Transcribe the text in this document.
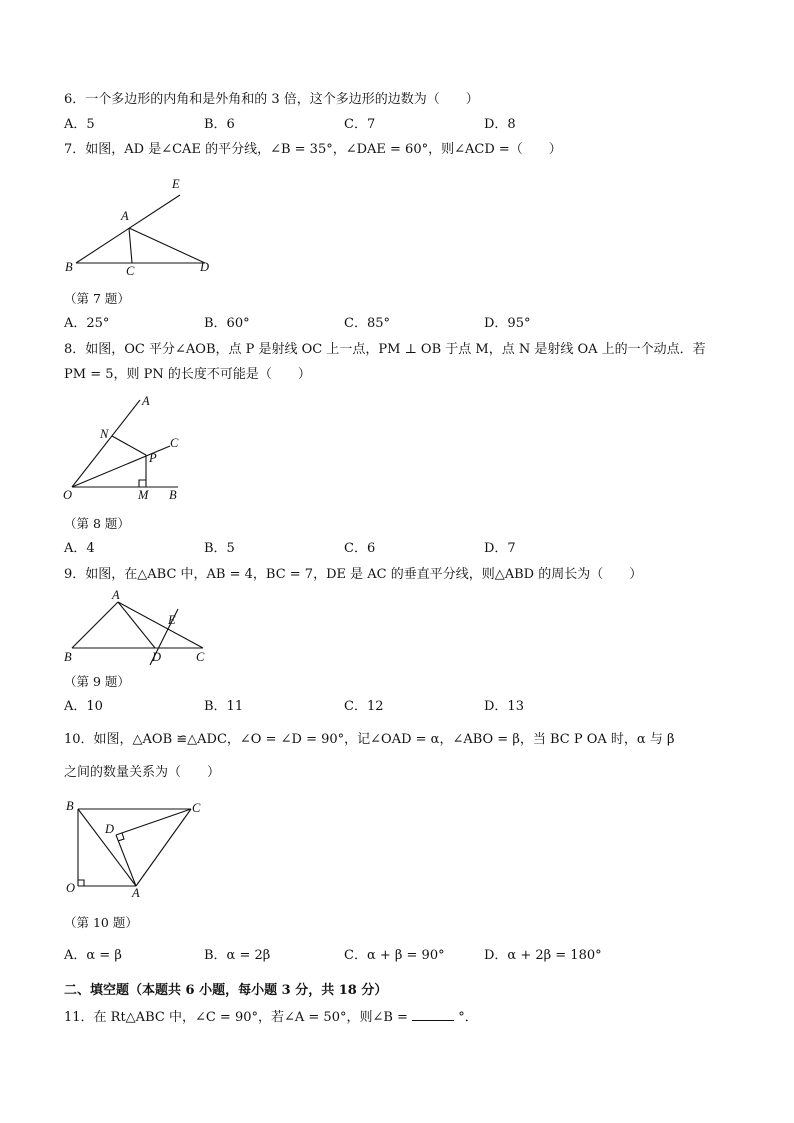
6．一个多边形的内角和是外角和的 3 倍，这个多边形的边数为（　　）
A．5	B．6	C．7	D．8
7．如图，AD 是∠CAE 的平分线，∠B = 35°，∠DAE = 60°，则∠ACD =（　　）
E
A
B	C	D
（第 7 题）
A．25°	B．60°	C．85°	D．95°
8．如图，OC 平分∠AOB，点 P 是射线 OC 上一点，PM ⊥ OB 于点 M，点 N 是射线 OA 上的一个动点．若
PM = 5，则 PN 的长度不可能是（　　）
A
N
C
P
O	M B
（第 8 题）
A．4	B．5	C．6	D．7
9．如图，在△ABC 中，AB = 4，BC = 7，DE 是 AC 的垂直平分线，则△ABD 的周长为（　　）
A
E
B	D	C
（第 9 题）
A．10	B．11	C．12	D．13
10．如图，△AOB ≌△ADC，∠O = ∠D = 90°，记∠OAD = α，∠ABO = β，当 BC P OA 时，α 与 β
之间的数量关系为（　　）
B	C
D
O	A
（第 10 题）
A．α = β	B．α = 2β	C．α + β = 90°	D．α + 2β = 180°
二、填空题（本题共 6 小题，每小题 3 分，共 18 分）
11．在 Rt△ABC 中，∠C = 90°，若∠A = 50°，则∠B =	°．
